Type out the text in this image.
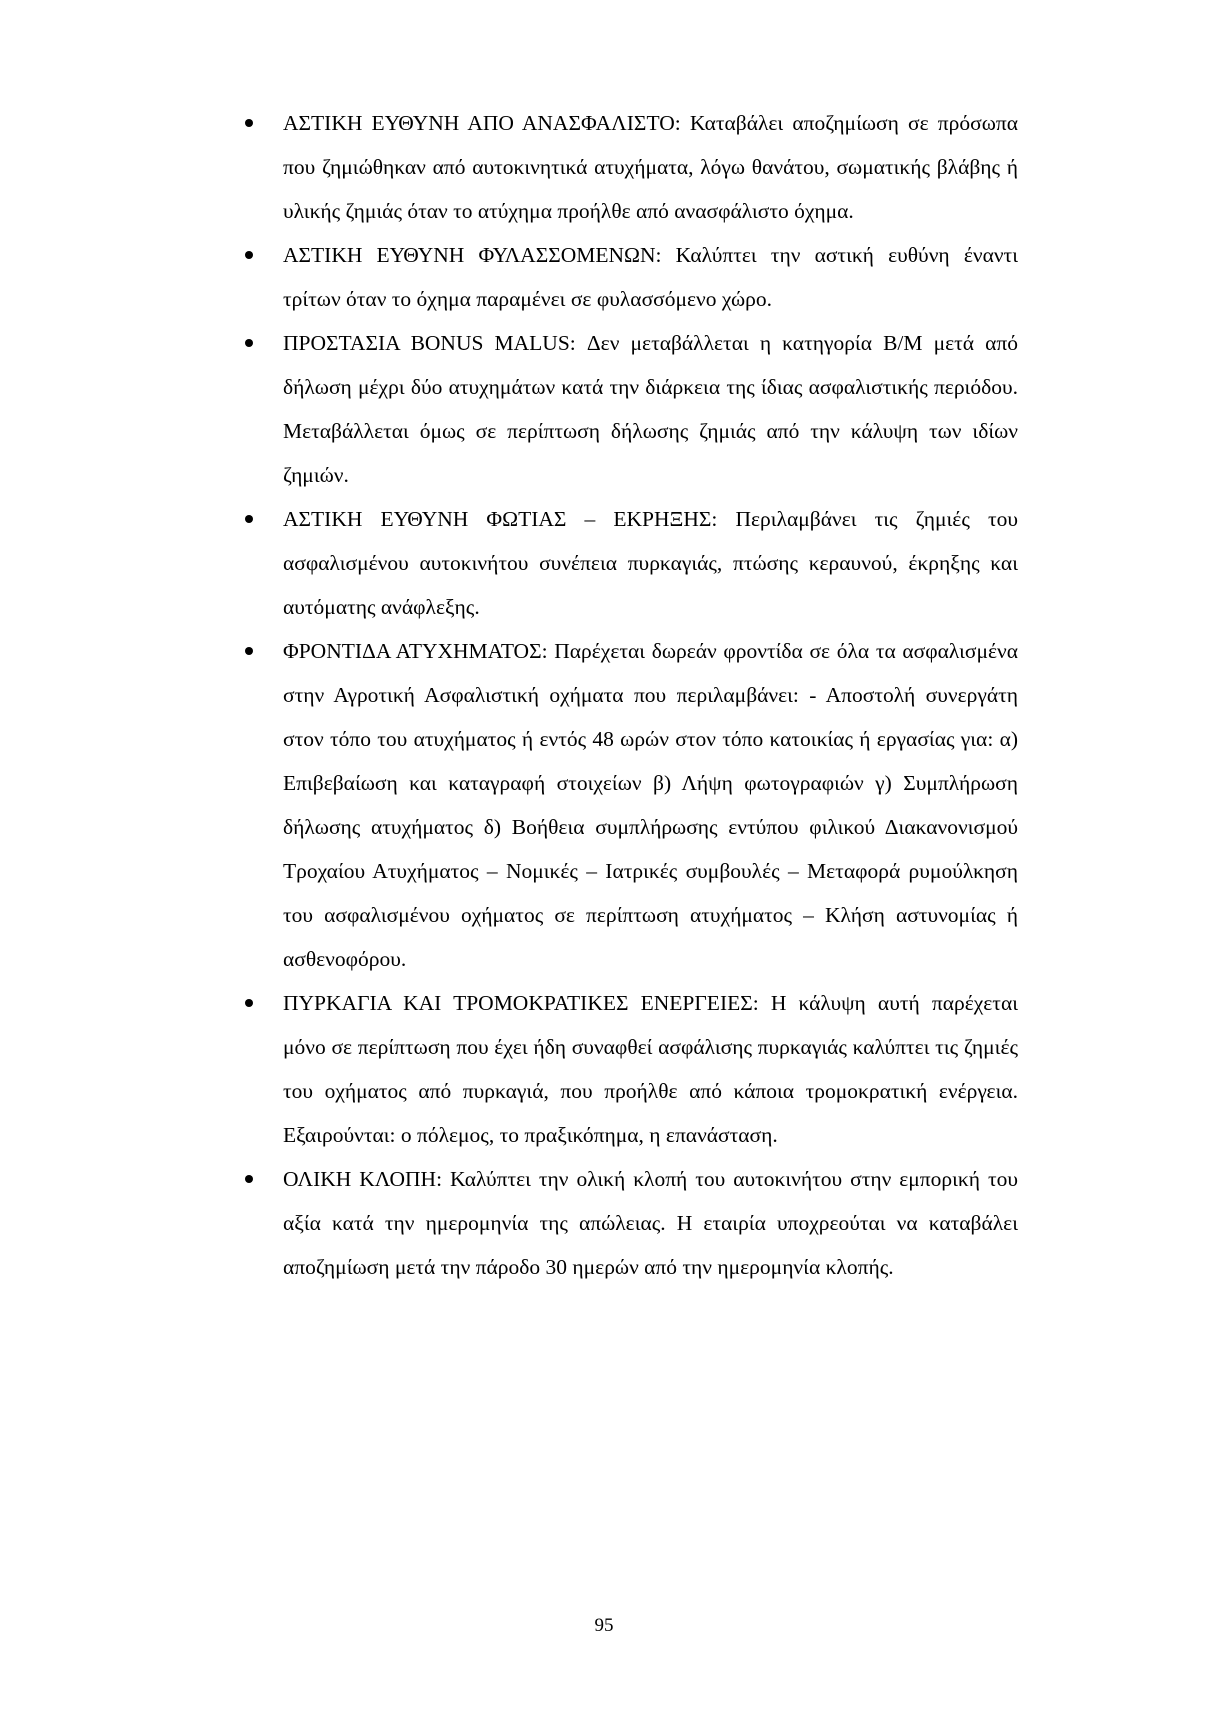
ΑΣΤΙΚΗ ΕΥΘΥΝΗ ΑΠΟ ΑΝΑΣΦΑΛΙΣΤΟ: Καταβάλει αποζημίωση σε πρόσωπα που ζημιώθηκαν από αυτοκινητικά ατυχήματα, λόγω θανάτου, σωματικής βλάβης ή υλικής ζημιάς όταν το ατύχημα προήλθε από ανασφάλιστο όχημα.

ΑΣΤΙΚΗ ΕΥΘΥΝΗ ΦΥΛΑΣΣΟΜΕΝΩΝ: Καλύπτει την αστική ευθύνη έναντι τρίτων όταν το όχημα παραμένει σε φυλασσόμενο χώρο.

ΠΡΟΣΤΑΣΙΑ BONUS MALUS: Δεν μεταβάλλεται η κατηγορία Β/Μ μετά από δήλωση μέχρι δύο ατυχημάτων κατά την διάρκεια της ίδιας ασφαλιστικής περιόδου. Μεταβάλλεται όμως σε περίπτωση δήλωσης ζημιάς από την κάλυψη των ιδίων ζημιών.

ΑΣΤΙΚΗ ΕΥΘΥΝΗ ΦΩΤΙΑΣ – ΕΚΡΗΞΗΣ: Περιλαμβάνει τις ζημιές του ασφαλισμένου αυτοκινήτου συνέπεια πυρκαγιάς, πτώσης κεραυνού, έκρηξης και αυτόματης ανάφλεξης.

ΦΡΟΝΤΙΔΑ ΑΤΥΧΗΜΑΤΟΣ: Παρέχεται δωρεάν φροντίδα σε όλα τα ασφαλισμένα στην Αγροτική Ασφαλιστική οχήματα που περιλαμβάνει: - Αποστολή συνεργάτη στον τόπο του ατυχήματος ή εντός 48 ωρών στον τόπο κατοικίας ή εργασίας για: α) Επιβεβαίωση και καταγραφή στοιχείων β) Λήψη φωτογραφιών γ) Συμπλήρωση δήλωσης ατυχήματος δ) Βοήθεια συμπλήρωσης εντύπου φιλικού Διακανονισμού Τροχαίου Ατυχήματος – Νομικές – Ιατρικές συμβουλές – Μεταφορά ρυμούλκηση του ασφαλισμένου οχήματος σε περίπτωση ατυχήματος – Κλήση αστυνομίας ή ασθενοφόρου.

ΠΥΡΚΑΓΙΑ ΚΑΙ ΤΡΟΜΟΚΡΑΤΙΚΕΣ ΕΝΕΡΓΕΙΕΣ: Η κάλυψη αυτή παρέχεται μόνο σε περίπτωση που έχει ήδη συναφθεί ασφάλισης πυρκαγιάς καλύπτει τις ζημιές του οχήματος από πυρκαγιά, που προήλθε από κάποια τρομοκρατική ενέργεια. Εξαιρούνται: ο πόλεμος, το πραξικόπημα, η επανάσταση.

ΟΛΙΚΗ ΚΛΟΠΗ: Καλύπτει την ολική κλοπή του αυτοκινήτου στην εμπορική του αξία κατά την ημερομηνία της απώλειας. Η εταιρία υποχρεούται να καταβάλει αποζημίωση μετά την πάροδο 30 ημερών από την ημερομηνία κλοπής.

95
